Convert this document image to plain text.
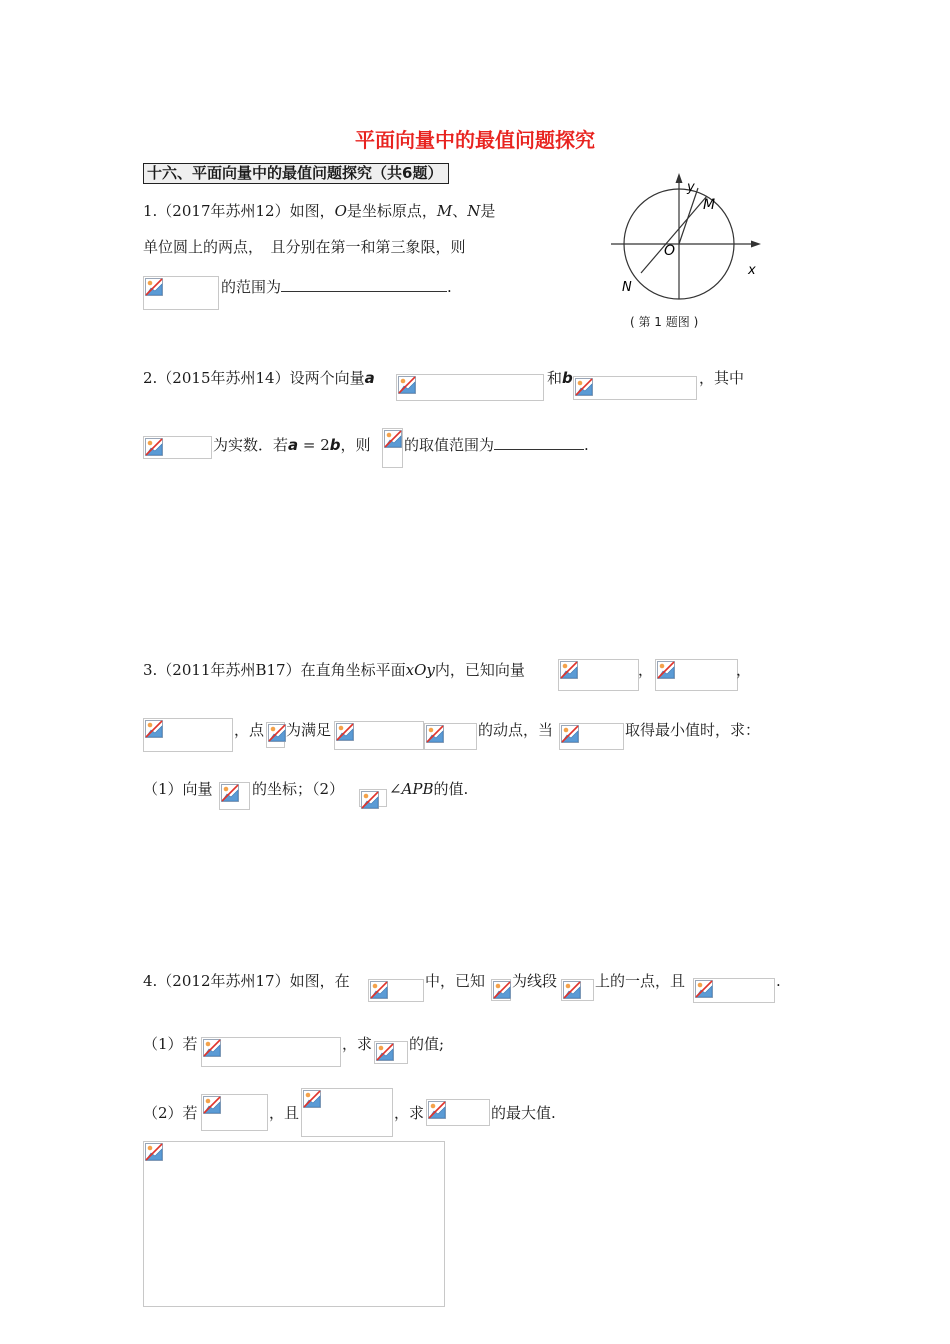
平面向量中的最值问题探究
十六、平面向量中的最值问题探究（共6题）
1.（2017年苏州12）如图，O是坐标原点，M、N是
单位圆上的两点，　且分别在第一和第三象限，则
的范围为	.
y
M
O
x
N
( 第 1 题图 )
2.（2015年苏州14）设两个向量a	和b	，其中
为实数．若a = 2b，则 的取值范围为	.
3.（2011年苏州B17）在直角坐标平面xOy内，已知向量	，	，
，点 为满足	的动点，当	取得最小值时，求：
（1）向量	的坐标；（2）	∠APB的值.
4.（2012年苏州17）如图，在	中，已知 为线段	上的一点，且	.
（1）若	，求 的值;
（2）若	，且	，求	的最大值.
